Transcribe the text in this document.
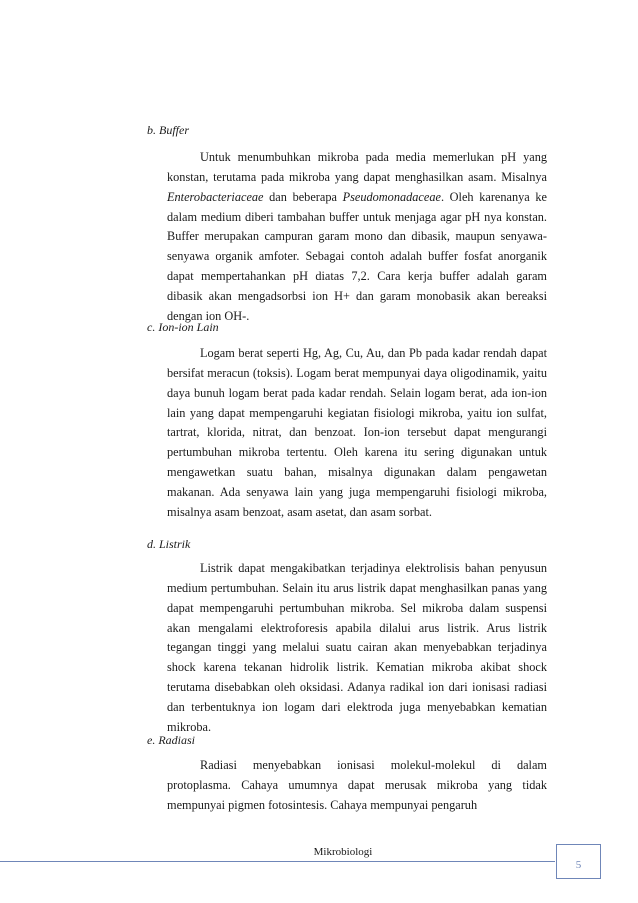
b. Buffer

Untuk menumbuhkan mikroba pada media memerlukan pH yang konstan, terutama pada mikroba yang dapat menghasilkan asam. Misalnya Enterobacteriaceae dan beberapa Pseudomonadaceae. Oleh karenanya ke dalam medium diberi tambahan buffer untuk menjaga agar pH nya konstan. Buffer merupakan campuran garam mono dan dibasik, maupun senyawa-senyawa organik amfoter. Sebagai contoh adalah buffer fosfat anorganik dapat mempertahankan pH diatas 7,2. Cara kerja buffer adalah garam dibasik akan mengadsorbsi ion H+ dan garam monobasik akan bereaksi dengan ion OH-.

c. Ion-ion Lain

Logam berat seperti Hg, Ag, Cu, Au, dan Pb pada kadar rendah dapat bersifat meracun (toksis). Logam berat mempunyai daya oligodinamik, yaitu daya bunuh logam berat pada kadar rendah. Selain logam berat, ada ion-ion lain yang dapat mempengaruhi kegiatan fisiologi mikroba, yaitu ion sulfat, tartrat, klorida, nitrat, dan benzoat. Ion-ion tersebut dapat mengurangi pertumbuhan mikroba tertentu. Oleh karena itu sering digunakan untuk mengawetkan suatu bahan, misalnya digunakan dalam pengawetan makanan. Ada senyawa lain yang juga mempengaruhi fisiologi mikroba, misalnya asam benzoat, asam asetat, dan asam sorbat.

d. Listrik

Listrik dapat mengakibatkan terjadinya elektrolisis bahan penyusun medium pertumbuhan. Selain itu arus listrik dapat menghasilkan panas yang dapat mempengaruhi pertumbuhan mikroba. Sel mikroba dalam suspensi akan mengalami elektroforesis apabila dilalui arus listrik. Arus listrik tegangan tinggi yang melalui suatu cairan akan menyebabkan terjadinya shock karena tekanan hidrolik listrik. Kematian mikroba akibat shock terutama disebabkan oleh oksidasi. Adanya radikal ion dari ionisasi radiasi dan terbentuknya ion logam dari elektroda juga menyebabkan kematian mikroba.

e. Radiasi

Radiasi menyebabkan ionisasi molekul-molekul di dalam protoplasma. Cahaya umumnya dapat merusak mikroba yang tidak mempunyai pigmen fotosintesis. Cahaya mempunyai pengaruh

Mikrobiologi
5
